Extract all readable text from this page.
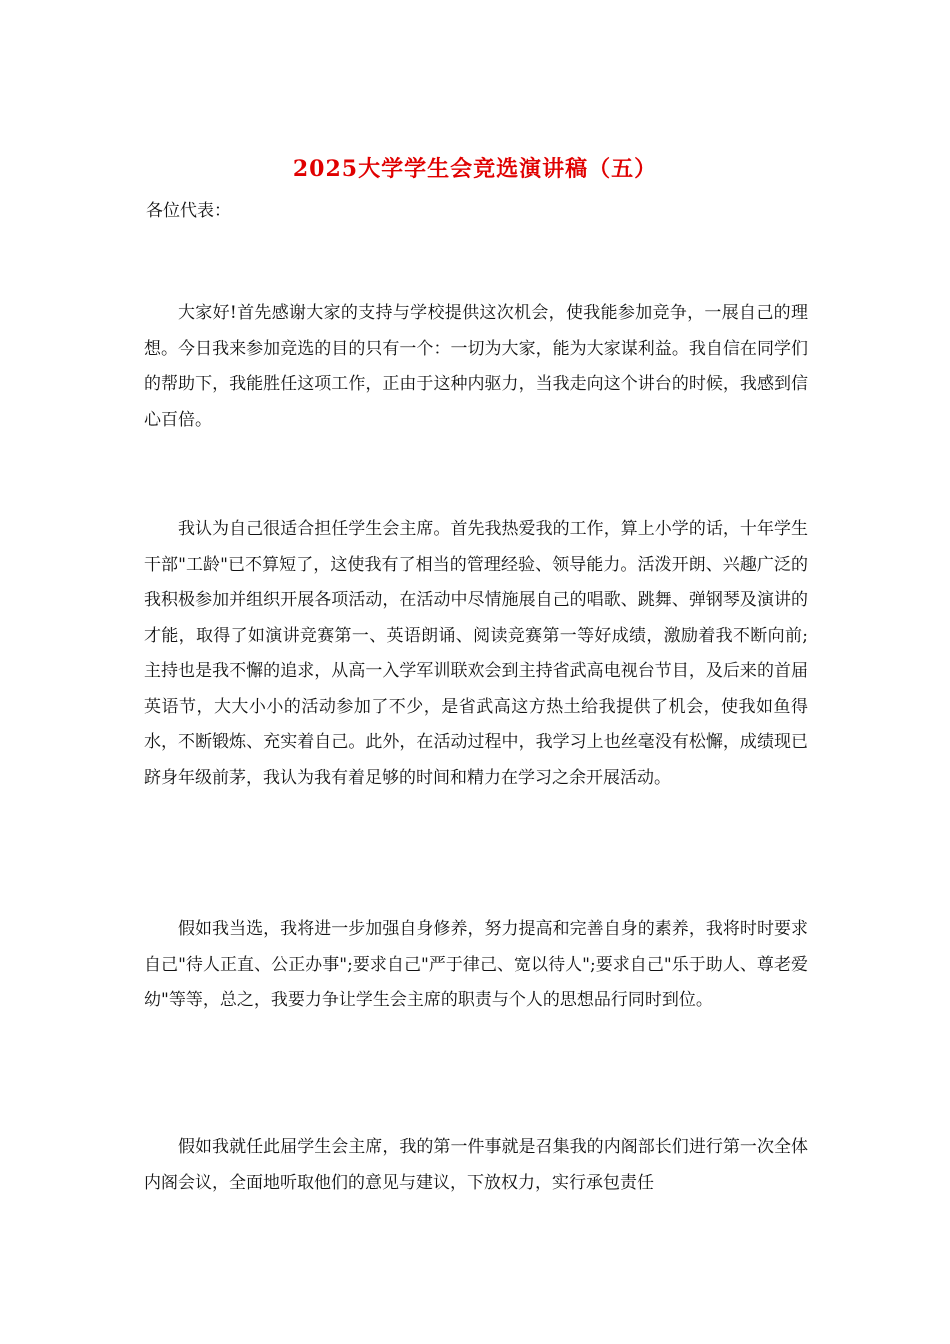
2025大学学生会竞选演讲稿（五）
各位代表：

大家好!首先感谢大家的支持与学校提供这次机会，使我能参加竞争，一展自己的理想。今日我来参加竞选的目的只有一个：一切为大家，能为大家谋利益。我自信在同学们的帮助下，我能胜任这项工作，正由于这种内驱力，当我走向这个讲台的时候，我感到信心百倍。

我认为自己很适合担任学生会主席。首先我热爱我的工作，算上小学的话，十年学生干部"工龄"已不算短了，这使我有了相当的管理经验、领导能力。活泼开朗、兴趣广泛的我积极参加并组织开展各项活动，在活动中尽情施展自己的唱歌、跳舞、弹钢琴及演讲的才能，取得了如演讲竞赛第一、英语朗诵、阅读竞赛第一等好成绩，激励着我不断向前;主持也是我不懈的追求，从高一入学军训联欢会到主持省武高电视台节目，及后来的首届英语节，大大小小的活动参加了不少，是省武高这方热土给我提供了机会，使我如鱼得水，不断锻炼、充实着自己。此外，在活动过程中，我学习上也丝毫没有松懈，成绩现已跻身年级前茅，我认为我有着足够的时间和精力在学习之余开展活动。

假如我当选，我将进一步加强自身修养，努力提高和完善自身的素养，我将时时要求自己"待人正直、公正办事";要求自己"严于律己、宽以待人";要求自己"乐于助人、尊老爱幼"等等，总之，我要力争让学生会主席的职责与个人的思想品行同时到位。

假如我就任此届学生会主席，我的第一件事就是召集我的内阁部长们进行第一次全体内阁会议，全面地听取他们的意见与建议，下放权力，实行承包责任
